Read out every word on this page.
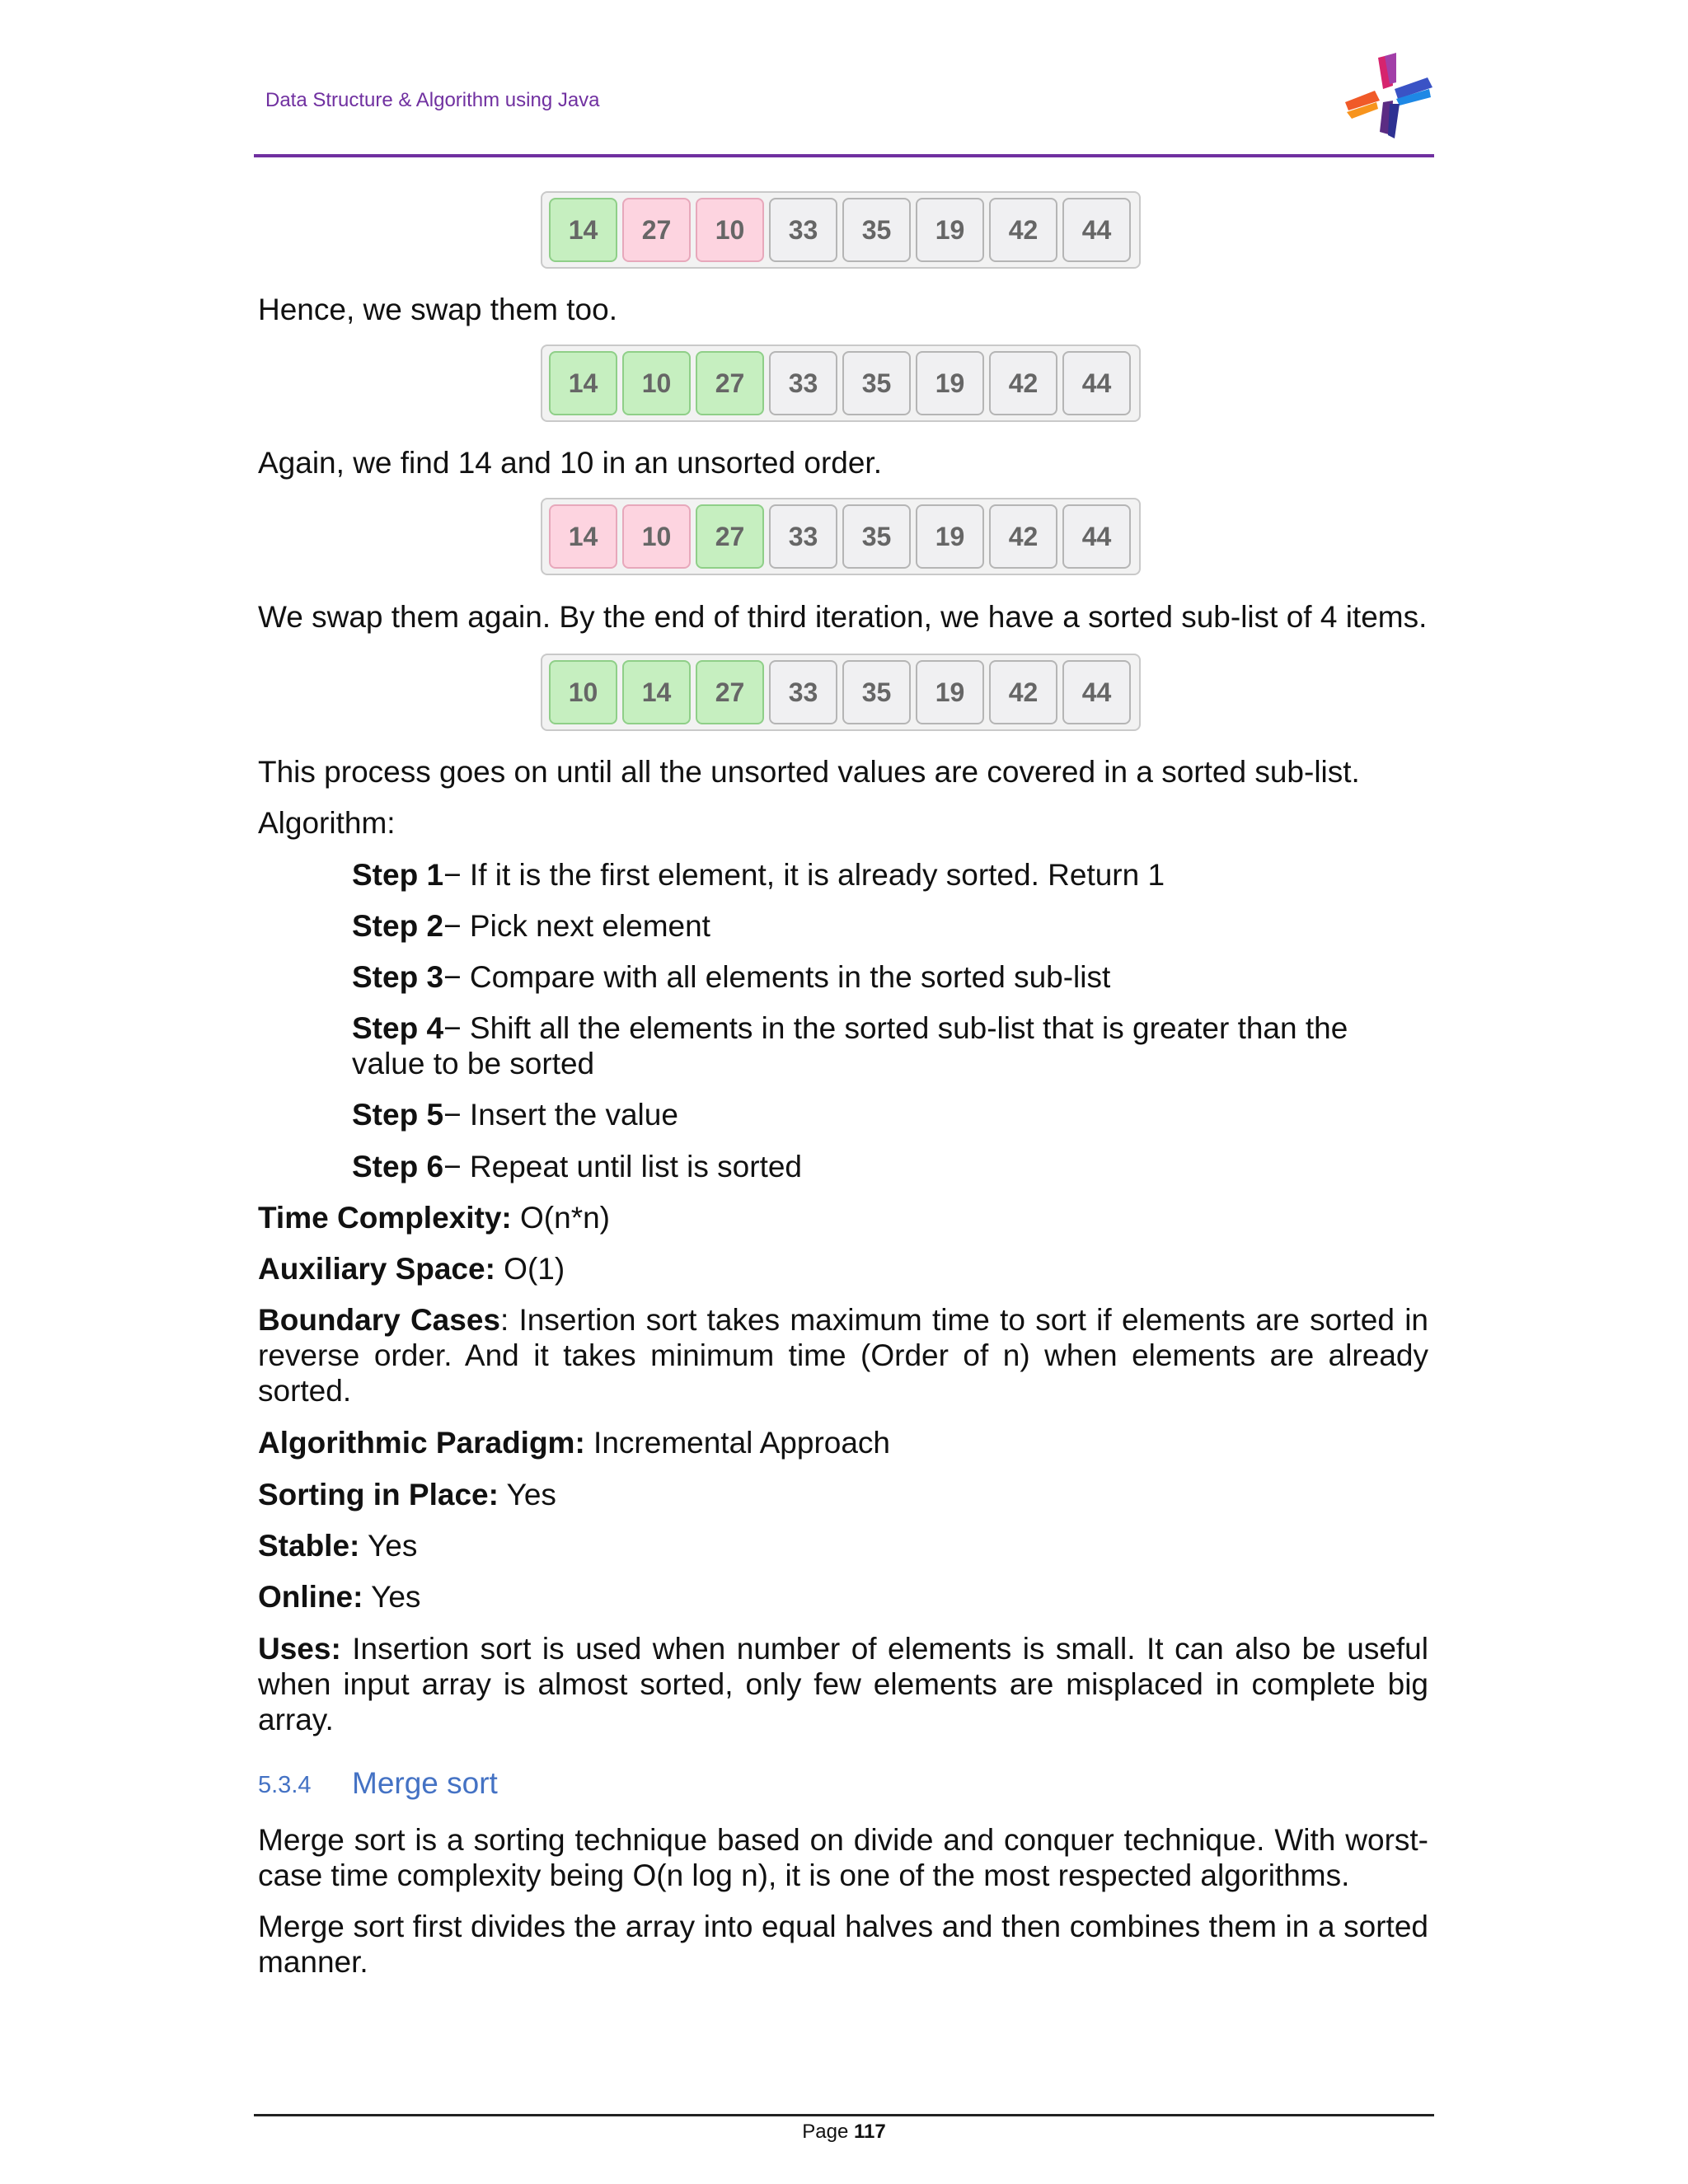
Data Structure & Algorithm using Java
14	27	10	33	35	19	42	44
Hence, we swap them too.
14	10	27	33	35	19	42	44
Again, we find 14 and 10 in an unsorted order.
14	10	27	33	35	19	42	44
We swap them again. By the end of third iteration, we have a sorted sub-list of 4 items.
10	14	27	33	35	19	42	44
This process goes on until all the unsorted values are covered in a sorted sub-list.
Algorithm:
Step 1− If it is the first element, it is already sorted. Return 1
Step 2− Pick next element
Step 3− Compare with all elements in the sorted sub-list
Step 4− Shift all the elements in the sorted sub-list that is greater than the value to be sorted
Step 5− Insert the value
Step 6− Repeat until list is sorted
Time Complexity: O(n*n)
Auxiliary Space: O(1)
Boundary Cases: Insertion sort takes maximum time to sort if elements are sorted in reverse order. And it takes minimum time (Order of n) when elements are already sorted.
Algorithmic Paradigm: Incremental Approach
Sorting in Place: Yes
Stable: Yes
Online: Yes
Uses: Insertion sort is used when number of elements is small. It can also be useful when input array is almost sorted, only few elements are misplaced in complete big array.
5.3.4 Merge sort
Merge sort is a sorting technique based on divide and conquer technique. With worst-case time complexity being O(n log n), it is one of the most respected algorithms.
Merge sort first divides the array into equal halves and then combines them in a sorted manner.
Page 117
